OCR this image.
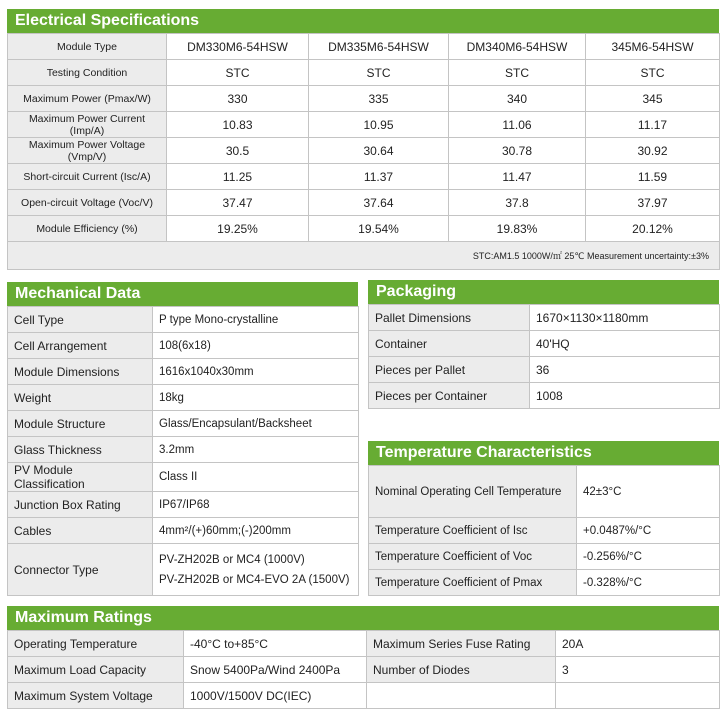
Electrical Specifications
Module Type	DM330M6-54HSW	DM335M6-54HSW	DM340M6-54HSW	345M6-54HSW
Testing Condition	STC	STC	STC	STC
Maximum Power (Pmax/W)	330	335	340	345
Maximum Power Current (Imp/A)	10.83	10.95	11.06	11.17
Maximum Power Voltage (Vmp/V)	30.5	30.64	30.78	30.92
Short-circuit Current (Isc/A)	11.25	11.37	11.47	11.59
Open-circuit Voltage (Voc/V)	37.47	37.64	37.8	37.97
Module Efficiency (%)	19.25%	19.54%	19.83%	20.12%
STC:AM1.5 1000W/㎡ 25℃ Measurement uncertainty:±3%				
Mechanical Data
Cell Type	P type Mono-crystalline
Cell Arrangement	108(6x18)
Module Dimensions	1616x1040x30mm
Weight	18kg
Module Structure	Glass/Encapsulant/Backsheet
Glass Thickness	3.2mm
PV Module Classification	Class II
Junction Box Rating	IP67/IP68
Cables	4mm²/(+)60mm;(-)200mm
Connector Type	PV-ZH202B or MC4 (1000V)
PV-ZH202B or MC4-EVO 2A (1500V)
Packaging
Pallet Dimensions	1670×1130×1180mm
Container	40'HQ
Pieces per Pallet	36
Pieces per Container	1008
Temperature Characteristics
Nominal Operating Cell Temperature	42±3°C
Temperature Coefficient of Isc	+0.0487%/°C
Temperature Coefficient of Voc	-0.256%/°C
Temperature Coefficient of Pmax	-0.328%/°C
Maximum Ratings
Operating Temperature	-40°C to+85°C	Maximum Series Fuse Rating	20A
Maximum Load Capacity	Snow 5400Pa/Wind 2400Pa	Number of Diodes	3
Maximum System Voltage	1000V/1500V DC(IEC)		
